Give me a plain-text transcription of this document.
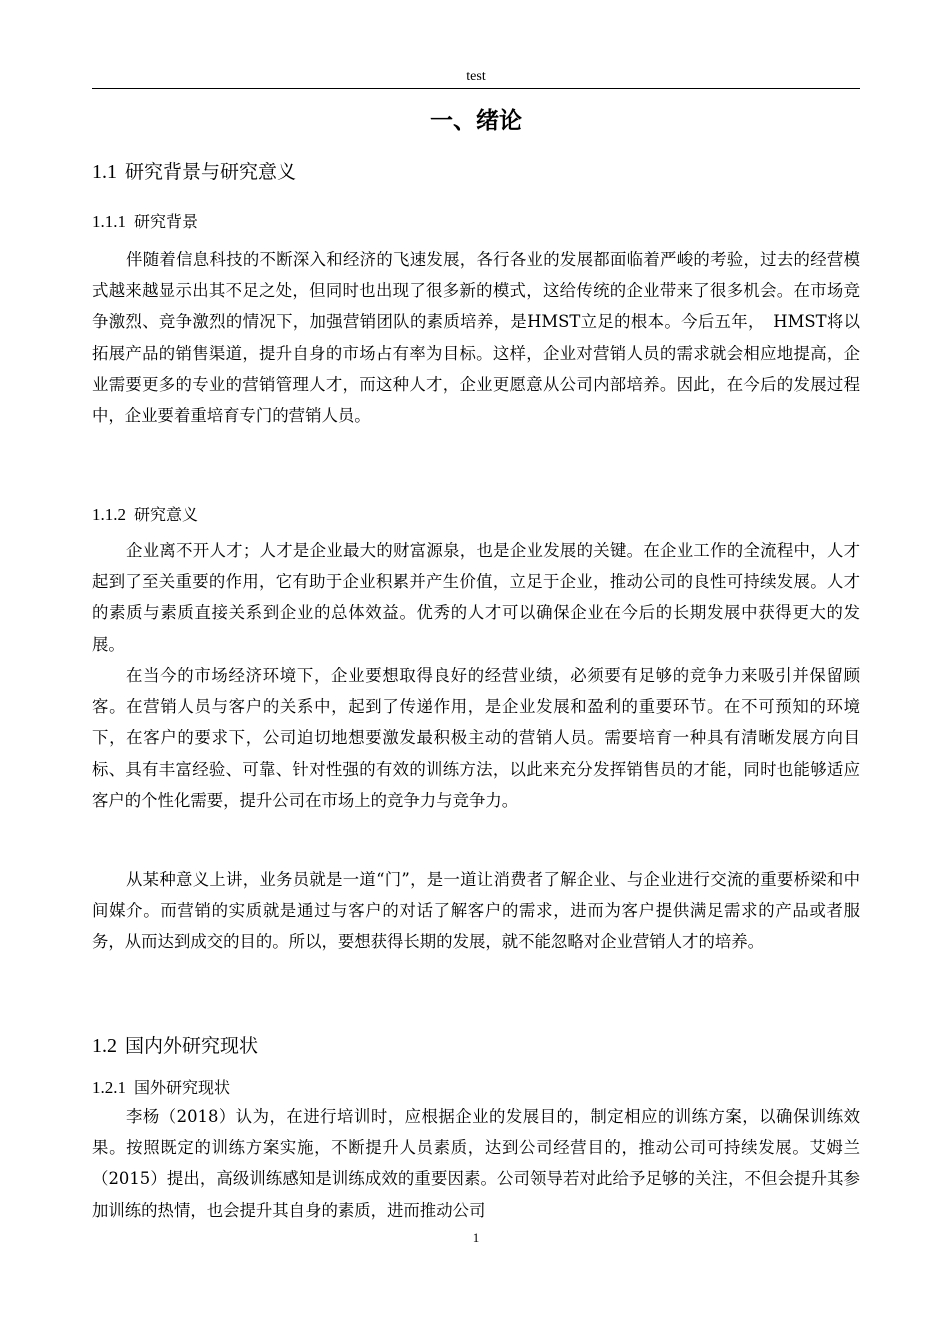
test
一、绪论
1.1 研究背景与研究意义
1.1.1 研究背景

伴随着信息科技的不断深入和经济的飞速发展，各行各业的发展都面临着严峻的考验，过去的经营模式越来越显示出其不足之处，但同时也出现了很多新的模式，这给传统的企业带来了很多机会。在市场竞争激烈、竞争激烈的情况下，加强营销团队的素质培养，是HMST立足的根本。今后五年，　HMST将以拓展产品的销售渠道，提升自身的市场占有率为目标。这样，企业对营销人员的需求就会相应地提高，企业需要更多的专业的营销管理人才，而这种人才，企业更愿意从公司内部培养。因此，在今后的发展过程中，企业要着重培育专门的营销人员。

1.1.2 研究意义

企业离不开人才；人才是企业最大的财富源泉，也是企业发展的关键。在企业工作的全流程中，人才起到了至关重要的作用，它有助于企业积累并产生价值，立足于企业，推动公司的良性可持续发展。人才的素质与素质直接关系到企业的总体效益。优秀的人才可以确保企业在今后的长期发展中获得更大的发展。

在当今的市场经济环境下，企业要想取得良好的经营业绩，必须要有足够的竞争力来吸引并保留顾客。在营销人员与客户的关系中，起到了传递作用，是企业发展和盈利的重要环节。在不可预知的环境下，在客户的要求下，公司迫切地想要激发最积极主动的营销人员。需要培育一种具有清晰发展方向目标、具有丰富经验、可靠、针对性强的有效的训练方法，以此来充分发挥销售员的才能，同时也能够适应客户的个性化需要，提升公司在市场上的竞争力与竞争力。

从某种意义上讲，业务员就是一道“门”，是一道让消费者了解企业、与企业进行交流的重要桥梁和中间媒介。而营销的实质就是通过与客户的对话了解客户的需求，进而为客户提供满足需求的产品或者服务，从而达到成交的目的。所以，要想获得长期的发展，就不能忽略对企业营销人才的培养。

1.2 国内外研究现状
1.2.1 国外研究现状

李杨（2018）认为，在进行培训时，应根据企业的发展目的，制定相应的训练方案，以确保训练效果。按照既定的训练方案实施，不断提升人员素质，达到公司经营目的，推动公司可持续发展。艾姆兰（2015）提出，高级训练感知是训练成效的重要因素。公司领导若对此给予足够的关注，不但会提升其参加训练的热情，也会提升其自身的素质，进而推动公司

1
